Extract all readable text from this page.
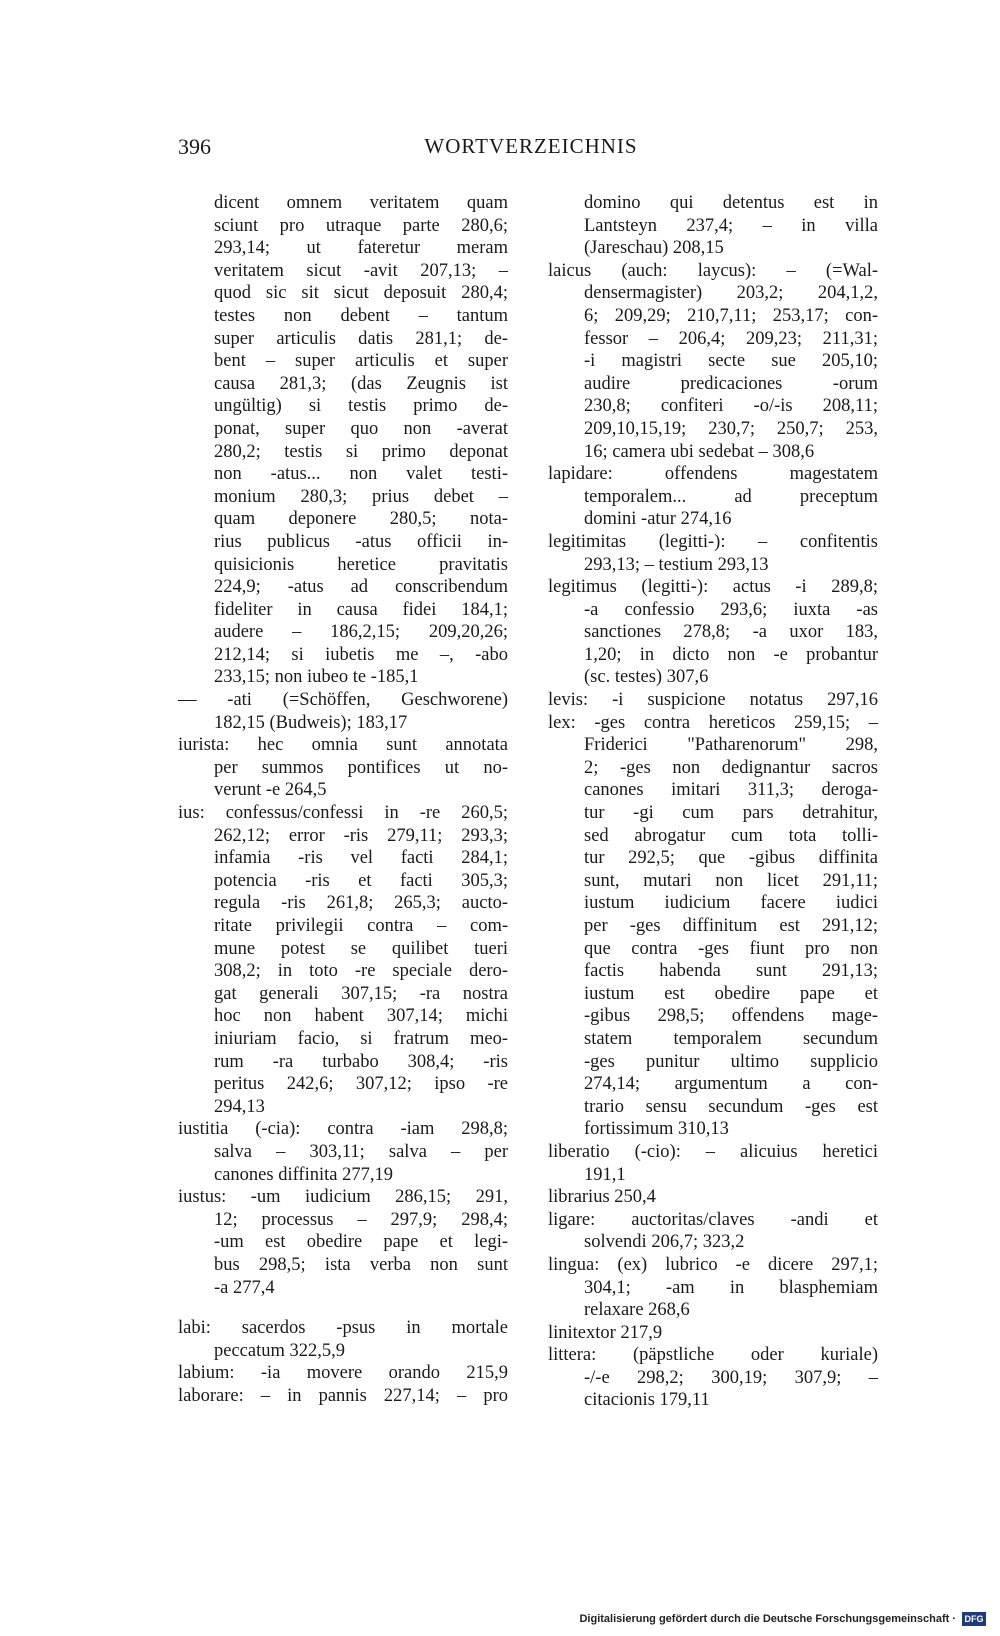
396	WORTVERZEICHNIS
dicent omnem veritatem quam
sciunt pro utraque parte 280,6;
293,14; ut fateretur meram
veritatem sicut -avit 207,13; –
quod sic sit sicut deposuit 280,4;
testes non debent – tantum
super articulis datis 281,1; de-
bent – super articulis et super
causa 281,3; (das Zeugnis ist
ungültig) si testis primo de-
ponat, super quo non -averat
280,2; testis si primo deponat
non -atus... non valet testi-
monium 280,3; prius debet –
quam deponere 280,5; nota-
rius publicus -atus officii in-
quisicionis heretice pravitatis
224,9; -atus ad conscribendum
fideliter in causa fidei 184,1;
audere – 186,2,15; 209,20,26;
212,14; si iubetis me –, -abo
233,15; non iubeo te -185,1
— -ati (=Schöffen, Geschworene)
182,15 (Budweis); 183,17
iurista: hec omnia sunt annotata
per summos pontifices ut no-
verunt -e 264,5
ius: confessus/confessi in -re 260,5;
262,12; error -ris 279,11; 293,3;
infamia -ris vel facti 284,1;
potencia -ris et facti 305,3;
regula -ris 261,8; 265,3; aucto-
ritate privilegii contra – com-
mune potest se quilibet tueri
308,2; in toto -re speciale dero-
gat generali 307,15; -ra nostra
hoc non habent 307,14; michi
iniuriam facio, si fratrum meo-
rum -ra turbabo 308,4; -ris
peritus 242,6; 307,12; ipso -re
294,13
iustitia (-cia): contra -iam 298,8;
salva – 303,11; salva – per
canones diffinita 277,19
iustus: -um iudicium 286,15; 291,
12; processus – 297,9; 298,4;
-um est obedire pape et legi-
bus 298,5; ista verba non sunt
-a 277,4
labi: sacerdos -psus in mortale
peccatum 322,5,9
labium: -ia movere orando 215,9
laborare: – in pannis 227,14; – pro
domino qui detentus est in
Lantsteyn 237,4; – in villa
(Jareschau) 208,15
laicus (auch: laycus): – (=Wal-
densermagister) 203,2; 204,1,2,
6; 209,29; 210,7,11; 253,17; con-
fessor – 206,4; 209,23; 211,31;
-i magistri secte sue 205,10;
audire predicaciones -orum
230,8; confiteri -o/-is 208,11;
209,10,15,19; 230,7; 250,7; 253,
16; camera ubi sedebat – 308,6
lapidare: offendens magestatem
temporalem... ad preceptum
domini -atur 274,16
legitimitas (legitti-): – confitentis
293,13; – testium 293,13
legitimus (legitti-): actus -i 289,8;
-a confessio 293,6; iuxta -as
sanctiones 278,8; -a uxor 183,
1,20; in dicto non -e probantur
(sc. testes) 307,6
levis: -i suspicione notatus 297,16
lex: -ges contra hereticos 259,15; –
Friderici "Patharenorum" 298,
2; -ges non dedignantur sacros
canones imitari 311,3; deroga-
tur -gi cum pars detrahitur,
sed abrogatur cum tota tolli-
tur 292,5; que -gibus diffinita
sunt, mutari non licet 291,11;
iustum iudicium facere iudici
per -ges diffinitum est 291,12;
que contra -ges fiunt pro non
factis habenda sunt 291,13;
iustum est obedire pape et
-gibus 298,5; offendens mage-
statem temporalem secundum
-ges punitur ultimo supplicio
274,14; argumentum a con-
trario sensu secundum -ges est
fortissimum 310,13
liberatio (-cio): – alicuius heretici
191,1
librarius 250,4
ligare: auctoritas/claves -andi et
solvendi 206,7; 323,2
lingua: (ex) lubrico -e dicere 297,1;
304,1; -am in blasphemiam
relaxare 268,6
linitextor 217,9
littera: (päpstliche oder kuriale)
-/-e 298,2; 300,19; 307,9; –
citacionis 179,11
Digitalisierung gefördert durch die Deutsche Forschungsgemeinschaft · DFG
